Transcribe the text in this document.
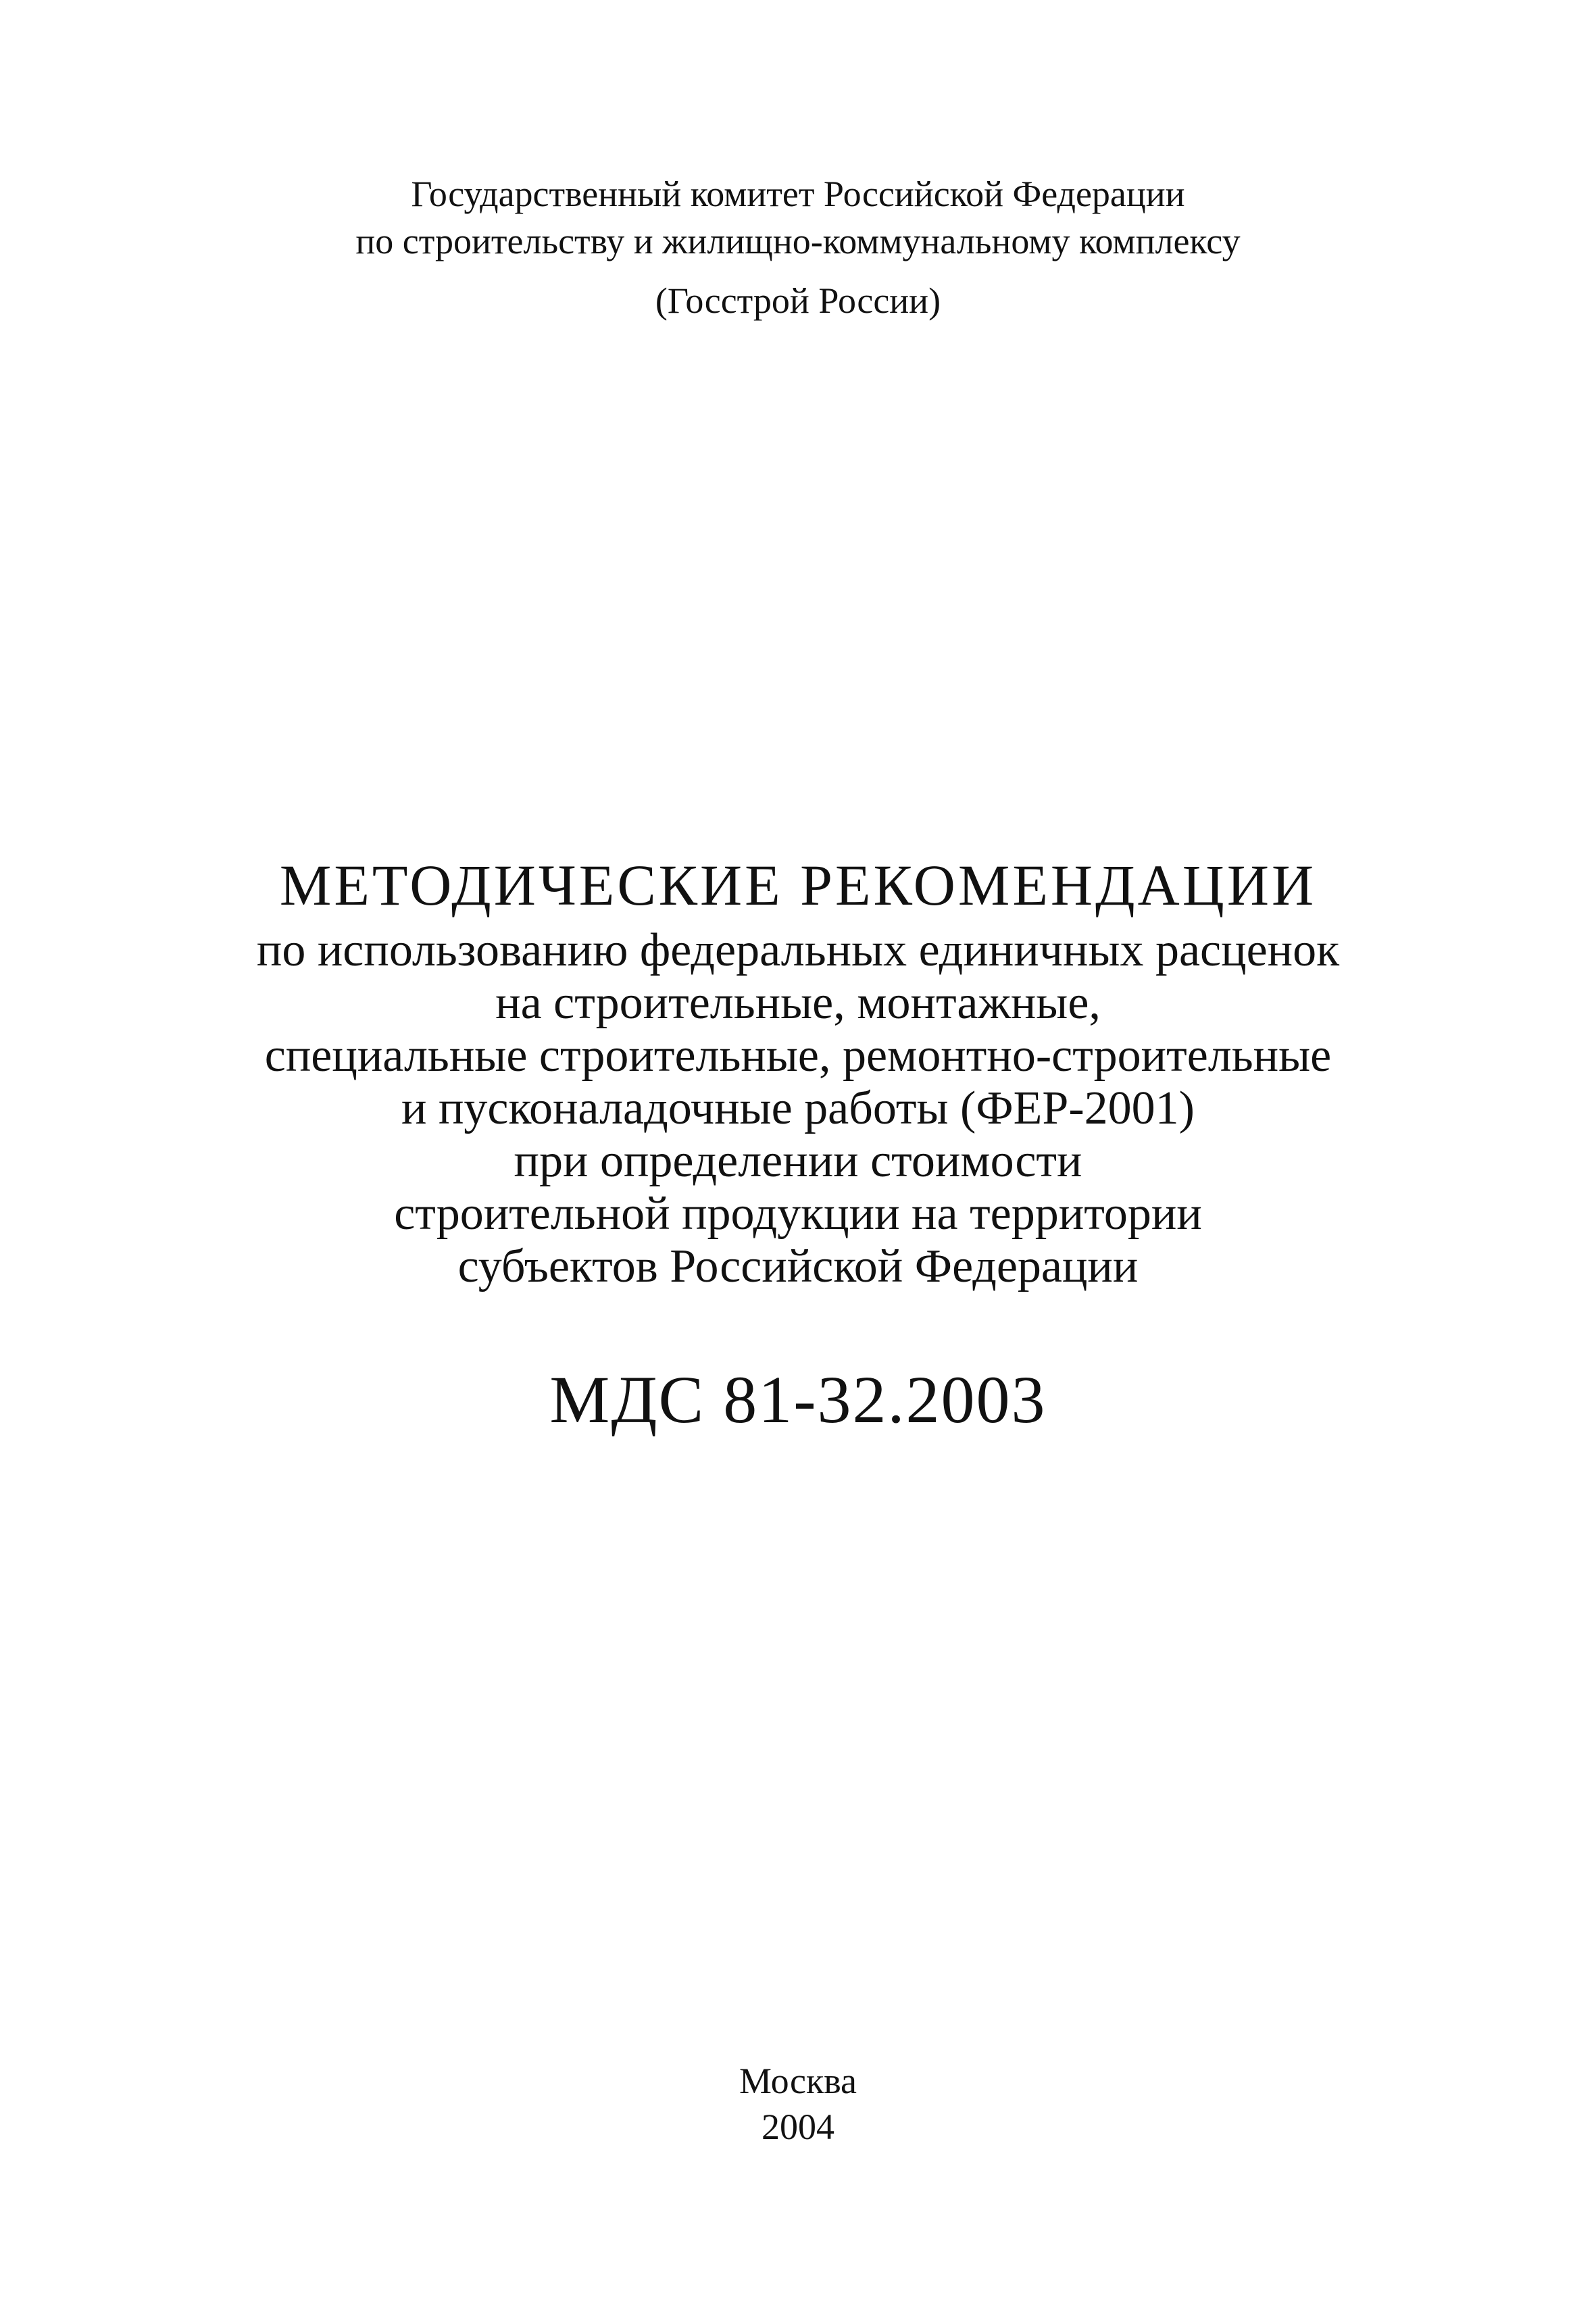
Государственный комитет Российской Федерации
по строительству и жилищно-коммунальному комплексу
(Госстрой России)
МЕТОДИЧЕСКИЕ РЕКОМЕНДАЦИИ
по использованию федеральных единичных расценок
на строительные, монтажные,
специальные строительные, ремонтно-строительные
и пусконаладочные работы (ФЕР-2001)
при определении стоимости
строительной продукции на территории
субъектов Российской Федерации
МДС 81-32.2003
Москва
2004
